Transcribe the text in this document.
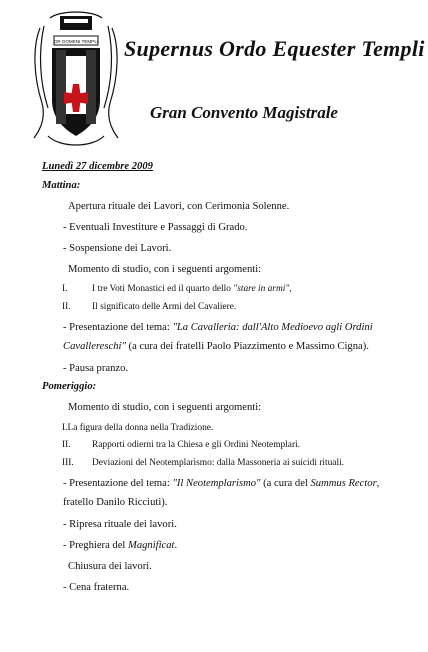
OR DOMENI TEMPLI Supernus Ordo Equester Templi
Gran Convento Magistrale
Lunedì 27 dicembre 2009
Mattina:
Apertura rituale dei Lavori, con Cerimonia Solenne.
- Eventuali Investiture e Passaggi di Grado.
- Sospensione dei Lavori.
Momento di studio, con i seguenti argomenti:
I.	I tre Voti Monastici ed il quarto dello "stare in armi",
II. Il significato delle Armi del Cavaliere.
- Presentazione del tema: "La Cavalleria: dall'Alto Medioevo agli Ordini
Cavallereschi" (a cura dei fratelli Paolo Piazzimento e Massimo Cigna).
- Pausa pranzo.
Pomeriggio:
Momento di studio, con i seguenti argomenti:
I.La figura della donna nella Tradizione.
II. Rapporti odierni tra la Chiesa e gli Ordini Neotemplari.
III. Deviazioni del Neotemplarismo: dalla Massoneria ai suicidi rituali.
- Presentazione del tema: "Il Neotemplarismo" (a cura del Summus Rector,
fratello Danilo Ricciuti).
- Ripresa rituale dei lavori.
- Preghiera del Magnificat.
Chiusura dei lavori.
- Cena fraterna.
